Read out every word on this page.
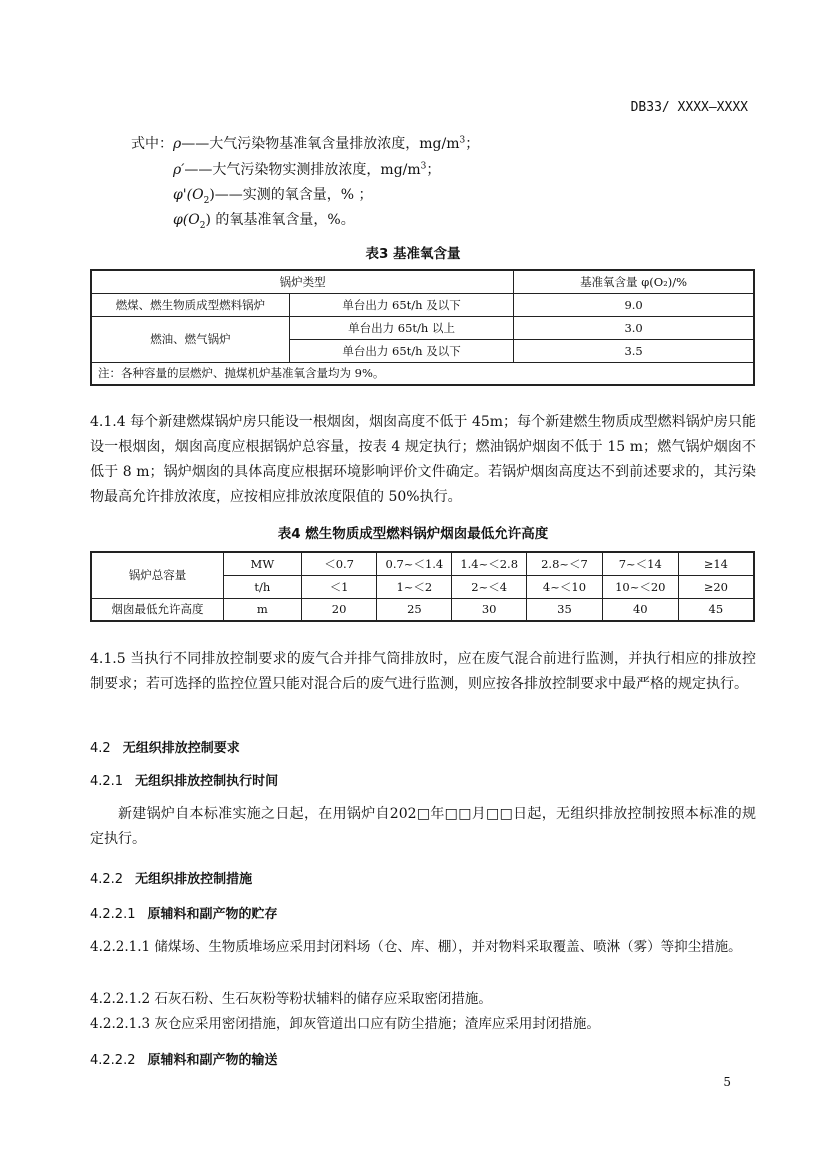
DB33/ XXXX—XXXX
式中：ρ——大气污染物基准氧含量排放浓度，$mg/m^3$；
ρ′——大气污染物实测排放浓度，$mg/m^3$；
$\varphi'(O_2)——$实测的氧含量，% ；
$\varphi(O_2)$ 的氧基准氧含量，%。
表3 基准氧含量
锅炉类型		基准氧含量 φ(O₂)/%
燃煤、燃生物质成型燃料锅炉	单台出力 65t/h 及以下	9.0
燃油、燃气锅炉	单台出力 65t/h 以上	3.0
	单台出力 65t/h 及以下	3.5
注：各种容量的层燃炉、抛煤机炉基准氧含量均为 9%。		
4.1.4 每个新建燃煤锅炉房只能设一根烟囱，烟囱高度不低于 45m；每个新建燃生物质成型燃料锅炉房只能设一根烟囱，烟囱高度应根据锅炉总容量，按表 4 规定执行；燃油锅炉烟囱不低于 15 m；燃气锅炉烟囱不低于 8 m；锅炉烟囱的具体高度应根据环境影响评价文件确定。若锅炉烟囱高度达不到前述要求的，其污染物最高允许排放浓度，应按相应排放浓度限值的 50%执行。
表4 燃生物质成型燃料锅炉烟囱最低允许高度
锅炉总容量	MW	＜0.7	0.7~＜1.4	1.4~＜2.8	2.8~＜7	7~＜14	≥14
	t/h	＜1	1~＜2	2~＜4	4~＜10	10~＜20	≥20
烟囱最低允许高度	m	20	25	30	35	40	45
4.1.5 当执行不同排放控制要求的废气合并排气筒排放时，应在废气混合前进行监测，并执行相应的排放控制要求；若可选择的监控位置只能对混合后的废气进行监测，则应按各排放控制要求中最严格的规定执行。
4.2 无组织排放控制要求
4.2.1 无组织排放控制执行时间
新建锅炉自本标准实施之日起，在用锅炉自202□年□□月□□日起，无组织排放控制按照本标准的规定执行。
4.2.2 无组织排放控制措施
4.2.2.1 原辅料和副产物的贮存
4.2.2.1.1 储煤场、生物质堆场应采用封闭料场（仓、库、棚），并对物料采取覆盖、喷淋（雾）等抑尘措施。
4.2.2.1.2 石灰石粉、生石灰粉等粉状辅料的储存应采取密闭措施。
4.2.2.1.3 灰仓应采用密闭措施，卸灰管道出口应有防尘措施；渣库应采用封闭措施。
4.2.2.2 原辅料和副产物的输送
5
